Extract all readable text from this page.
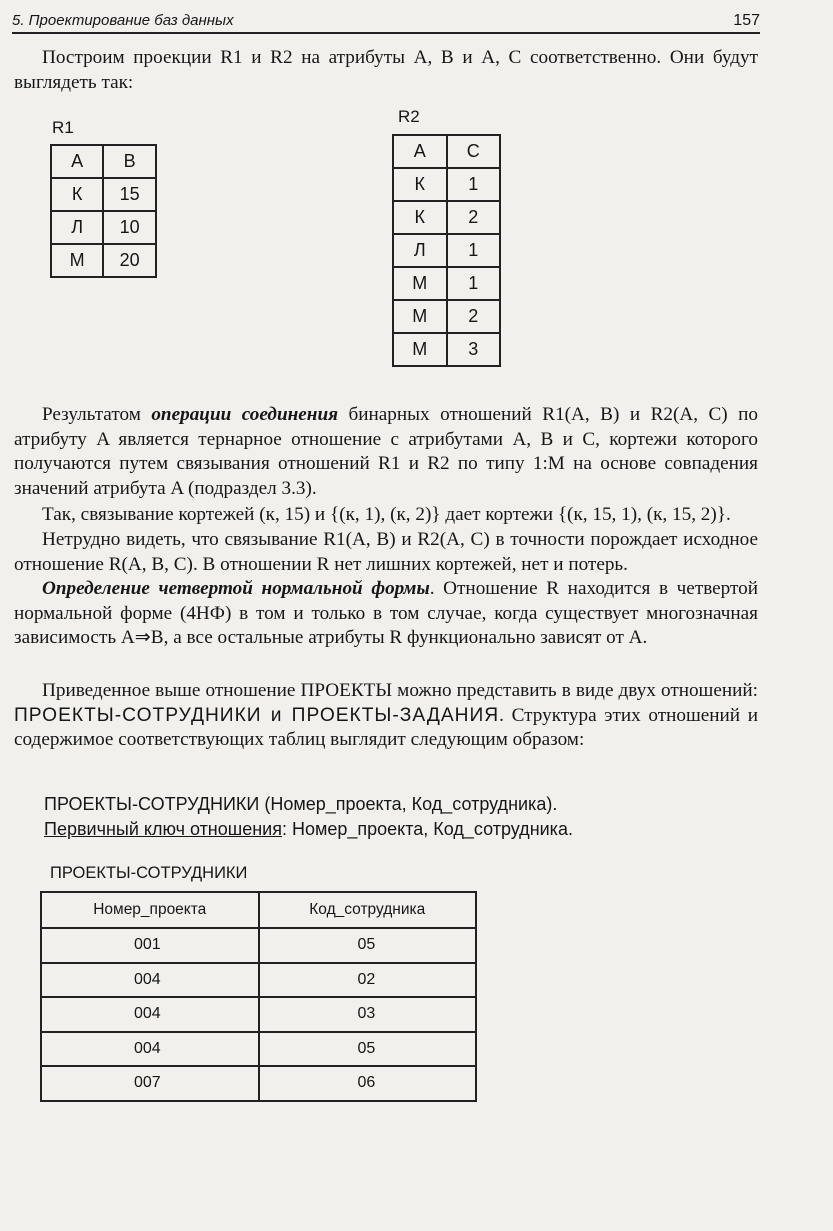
5. Проектирование баз данных	157

Построим проекции R1 и R2 на атрибуты A, B и A, C соответственно. Они будут выглядеть так:

R1
A	B
К	15
Л	10
М	20
R2
A	C
К	1
К	2
Л	1
М	1
М	2
М	3

Результатом операции соединения бинарных отношений R1(A, B) и R2(A, C) по атрибуту A является тернарное отношение с атрибутами A, B и C, кортежи которого получаются путем связывания отношений R1 и R2 по типу 1:M на основе совпадения значений атрибута A (подраздел 3.3).

Так, связывание кортежей (к, 15) и {(к, 1), (к, 2)} дает кортежи {(к, 15, 1), (к, 15, 2)}.

Нетрудно видеть, что связывание R1(A, B) и R2(A, C) в точности порождает исходное отношение R(A, B, C). В отношении R нет лишних кортежей, нет и потерь.

Определение четвертой нормальной формы. Отношение R находится в четвертой нормальной форме (4НФ) в том и только в том случае, когда существует многозначная зависимость A⇒B, а все остальные атрибуты R функционально зависят от A.

Приведенное выше отношение ПРОЕКТЫ можно представить в виде двух отношений: ПРОЕКТЫ-СОТРУДНИКИ и ПРОЕКТЫ-ЗАДАНИЯ. Структура этих отношений и содержимое соответствующих таблиц выглядит следующим образом:

ПРОЕКТЫ-СОТРУДНИКИ (Номер_проекта, Код_сотрудника).
Первичный ключ отношения: Номер_проекта, Код_сотрудника.
ПРОЕКТЫ-СОТРУДНИКИ
Номер_проекта	Код_сотрудника
001	05
004	02
004	03
004	05
007	06
